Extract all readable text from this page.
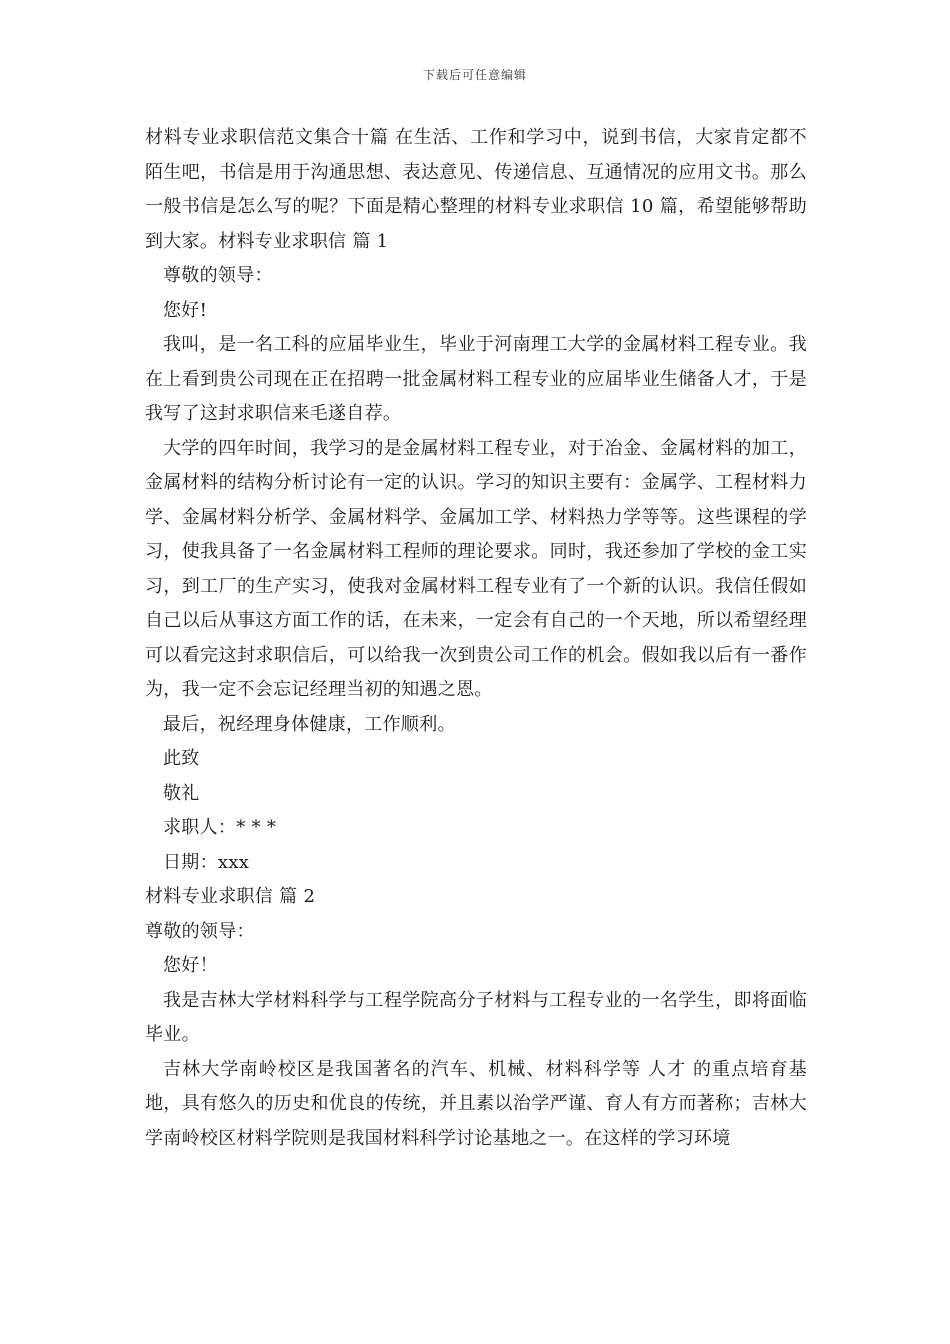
下载后可任意编辑

材料专业求职信范文集合十篇 在生活、工作和学习中，说到书信，大家肯定都不陌生吧，书信是用于沟通思想、表达意见、传递信息、互通情况的应用文书。那么一般书信是怎么写的呢？下面是精心整理的材料专业求职信 10 篇，希望能够帮助到大家。材料专业求职信 篇 1

尊敬的领导：

您好!

我叫，是一名工科的应届毕业生，毕业于河南理工大学的金属材料工程专业。我在上看到贵公司现在正在招聘一批金属材料工程专业的应届毕业生储备人才，于是我写了这封求职信来毛遂自荐。

大学的四年时间，我学习的是金属材料工程专业，对于冶金、金属材料的加工，金属材料的结构分析讨论有一定的认识。学习的知识主要有：金属学、工程材料力学、金属材料分析学、金属材料学、金属加工学、材料热力学等等。这些课程的学习，使我具备了一名金属材料工程师的理论要求。同时，我还参加了学校的金工实习，到工厂的生产实习，使我对金属材料工程专业有了一个新的认识。我信任假如自己以后从事这方面工作的话，在未来，一定会有自己的一个天地，所以希望经理可以看完这封求职信后，可以给我一次到贵公司工作的机会。假如我以后有一番作为，我一定不会忘记经理当初的知遇之恩。

最后，祝经理身体健康，工作顺利。

此致

敬礼

求职人：* * *

日期：xxx

材料专业求职信 篇 2

尊敬的领导：

您好！

我是吉林大学材料科学与工程学院高分子材料与工程专业的一名学生，即将面临毕业。

吉林大学南岭校区是我国著名的汽车、机械、材料科学等 人才 的重点培育基地，具有悠久的历史和优良的传统，并且素以治学严谨、育人有方而著称；吉林大学南岭校区材料学院则是我国材料科学讨论基地之一。在这样的学习环境
